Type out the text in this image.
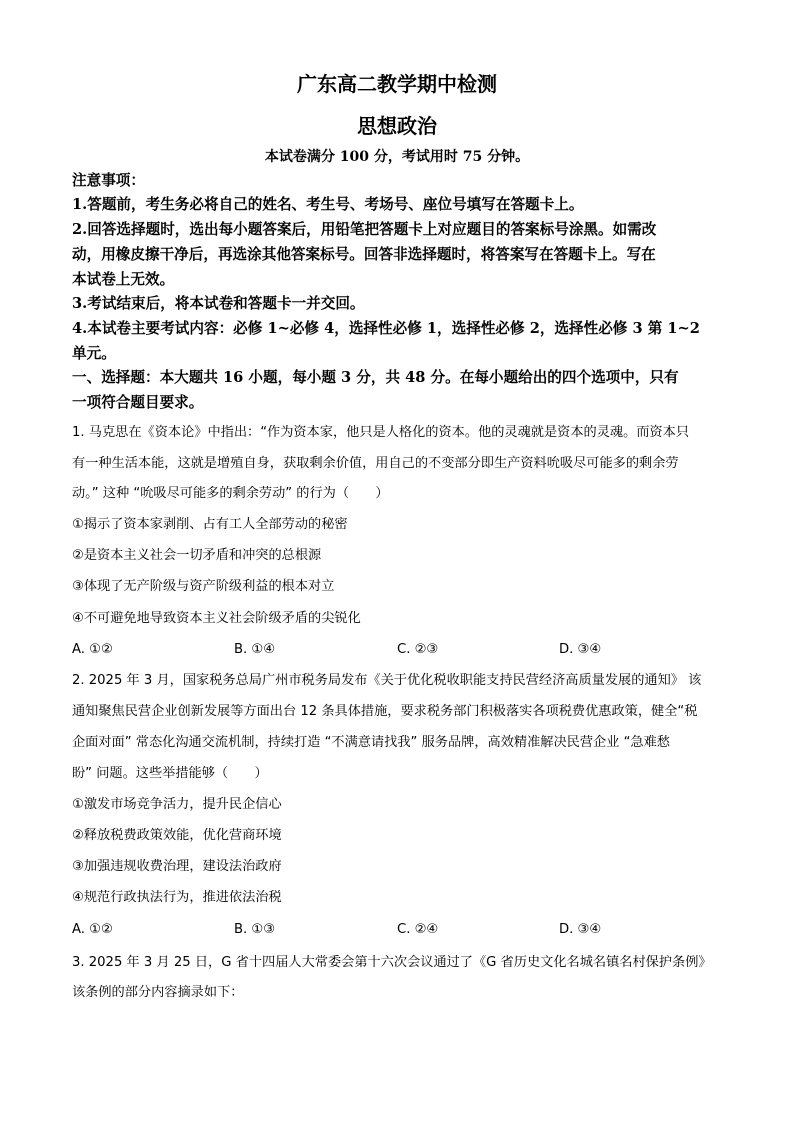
广东高二教学期中检测
思想政治
本试卷满分 100 分，考试用时 75 分钟。
注意事项：
1.答题前，考生务必将自己的姓名、考生号、考场号、座位号填写在答题卡上。
2.回答选择题时，选出每小题答案后，用铅笔把答题卡上对应题目的答案标号涂黑。如需改
动，用橡皮擦干净后，再选涂其他答案标号。回答非选择题时，将答案写在答题卡上。写在
本试卷上无效。
3.考试结束后，将本试卷和答题卡一并交回。
4.本试卷主要考试内容：必修 1~必修 4，选择性必修 1，选择性必修 2，选择性必修 3 第 1~2
单元。
一、选择题：本大题共 16 小题，每小题 3 分，共 48 分。在每小题给出的四个选项中，只有
一项符合题目要求。
1. 马克思在《资本论》中指出：“作为资本家，他只是人格化的资本。他的灵魂就是资本的灵魂。而资本只
有一种生活本能，这就是增殖自身，获取剩余价值，用自己的不变部分即生产资料吮吸尽可能多的剩余劳
动。” 这种 “吮吸尽可能多的剩余劳动” 的行为（　　）
①揭示了资本家剥削、占有工人全部劳动的秘密
②是资本主义社会一切矛盾和冲突的总根源
③体现了无产阶级与资产阶级利益的根本对立
④不可避免地导致资本主义社会阶级矛盾的尖锐化
A. ①②	B. ①④	C. ②③	D. ③④
2. 2025 年 3 月，国家税务总局广州市税务局发布《关于优化税收职能支持民营经济高质量发展的通知》 该
通知聚焦民营企业创新发展等方面出台 12 条具体措施，要求税务部门积极落实各项税费优惠政策，健全“税
企面对面” 常态化沟通交流机制，持续打造 “不满意请找我” 服务品牌，高效精准解决民营企业 “急难愁
盼” 问题。这些举措能够（　　）
①激发市场竞争活力，提升民企信心
②释放税费政策效能，优化营商环境
③加强违规收费治理，建设法治政府
④规范行政执法行为，推进依法治税
A. ①②	B. ①③	C. ②④	D. ③④
3. 2025 年 3 月 25 日，G 省十四届人大常委会第十六次会议通过了《G 省历史文化名城名镇名村保护条例》
该条例的部分内容摘录如下：
